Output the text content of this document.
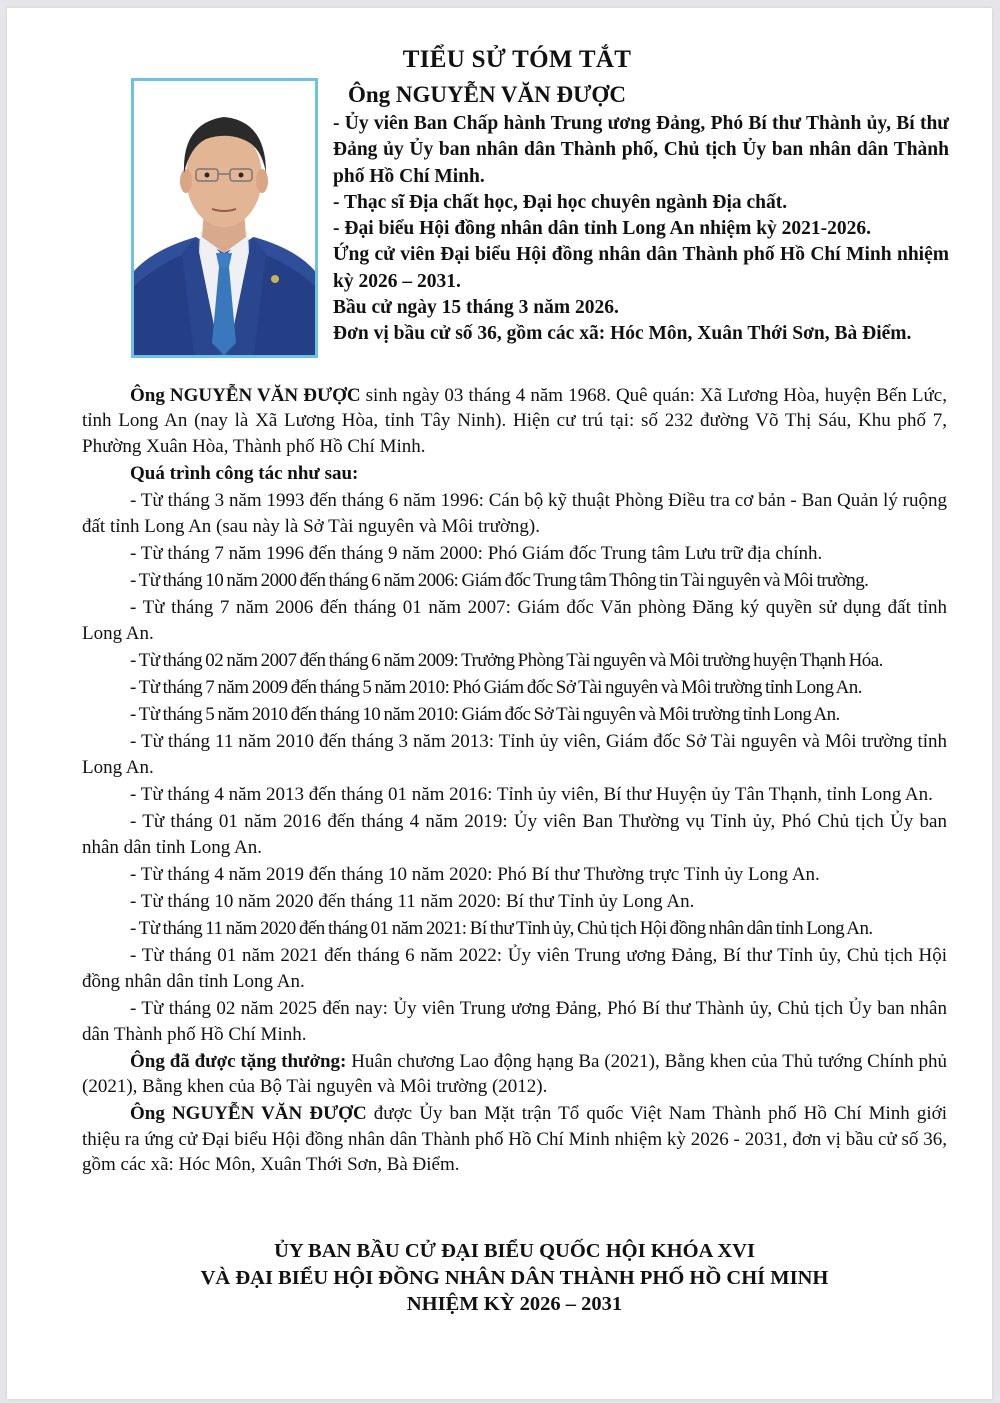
TIỂU SỬ TÓM TẮT
Ông NGUYỄN VĂN ĐƯỢC

- Ủy viên Ban Chấp hành Trung ương Đảng, Phó Bí thư Thành ủy, Bí thư Đảng ủy Ủy ban nhân dân Thành phố, Chủ tịch Ủy ban nhân dân Thành phố Hồ Chí Minh.

- Thạc sĩ Địa chất học, Đại học chuyên ngành Địa chất.

- Đại biểu Hội đồng nhân dân tỉnh Long An nhiệm kỳ 2021-2026.

Ứng cử viên Đại biểu Hội đồng nhân dân Thành phố Hồ Chí Minh nhiệm kỳ 2026 – 2031.

Bầu cử ngày 15 tháng 3 năm 2026.

Đơn vị bầu cử số 36, gồm các xã: Hóc Môn, Xuân Thới Sơn, Bà Điểm.

Ông NGUYỄN VĂN ĐƯỢC sinh ngày 03 tháng 4 năm 1968. Quê quán: Xã Lương Hòa, huyện Bến Lức, tỉnh Long An (nay là Xã Lương Hòa, tỉnh Tây Ninh). Hiện cư trú tại: số 232 đường Võ Thị Sáu, Khu phố 7, Phường Xuân Hòa, Thành phố Hồ Chí Minh.

Quá trình công tác như sau:

- Từ tháng 3 năm 1993 đến tháng 6 năm 1996: Cán bộ kỹ thuật Phòng Điều tra cơ bản - Ban Quản lý ruộng đất tỉnh Long An (sau này là Sở Tài nguyên và Môi trường).

- Từ tháng 7 năm 1996 đến tháng 9 năm 2000: Phó Giám đốc Trung tâm Lưu trữ địa chính.

- Từ tháng 10 năm 2000 đến tháng 6 năm 2006: Giám đốc Trung tâm Thông tin Tài nguyên và Môi trường.

- Từ tháng 7 năm 2006 đến tháng 01 năm 2007: Giám đốc Văn phòng Đăng ký quyền sử dụng đất tỉnh Long An.

- Từ tháng 02 năm 2007 đến tháng 6 năm 2009: Trưởng Phòng Tài nguyên và Môi trường huyện Thạnh Hóa.

- Từ tháng 7 năm 2009 đến tháng 5 năm 2010: Phó Giám đốc Sở Tài nguyên và Môi trường tỉnh Long An.

- Từ tháng 5 năm 2010 đến tháng 10 năm 2010: Giám đốc Sở Tài nguyên và Môi trường tỉnh Long An.

- Từ tháng 11 năm 2010 đến tháng 3 năm 2013: Tỉnh ủy viên, Giám đốc Sở Tài nguyên và Môi trường tỉnh Long An.

- Từ tháng 4 năm 2013 đến tháng 01 năm 2016: Tỉnh ủy viên, Bí thư Huyện ủy Tân Thạnh, tỉnh Long An.

- Từ tháng 01 năm 2016 đến tháng 4 năm 2019: Ủy viên Ban Thường vụ Tỉnh ủy, Phó Chủ tịch Ủy ban nhân dân tỉnh Long An.

- Từ tháng 4 năm 2019 đến tháng 10 năm 2020: Phó Bí thư Thường trực Tỉnh ủy Long An.

- Từ tháng 10 năm 2020 đến tháng 11 năm 2020: Bí thư Tỉnh ủy Long An.

- Từ tháng 11 năm 2020 đến tháng 01 năm 2021: Bí thư Tỉnh ủy, Chủ tịch Hội đồng nhân dân tỉnh Long An.

- Từ tháng 01 năm 2021 đến tháng 6 năm 2022: Ủy viên Trung ương Đảng, Bí thư Tỉnh ủy, Chủ tịch Hội đồng nhân dân tỉnh Long An.

- Từ tháng 02 năm 2025 đến nay: Ủy viên Trung ương Đảng, Phó Bí thư Thành ủy, Chủ tịch Ủy ban nhân dân Thành phố Hồ Chí Minh.

Ông đã được tặng thưởng: Huân chương Lao động hạng Ba (2021), Bằng khen của Thủ tướng Chính phủ (2021), Bằng khen của Bộ Tài nguyên và Môi trường (2012).

Ông NGUYỄN VĂN ĐƯỢC được Ủy ban Mặt trận Tổ quốc Việt Nam Thành phố Hồ Chí Minh giới thiệu ra ứng cử Đại biểu Hội đồng nhân dân Thành phố Hồ Chí Minh nhiệm kỳ 2026 - 2031, đơn vị bầu cử số 36, gồm các xã: Hóc Môn, Xuân Thới Sơn, Bà Điểm.

ỦY BAN BẦU CỬ ĐẠI BIỂU QUỐC HỘI KHÓA XVI

VÀ ĐẠI BIỂU HỘI ĐỒNG NHÂN DÂN THÀNH PHỐ HỒ CHÍ MINH

NHIỆM KỲ 2026 – 2031
